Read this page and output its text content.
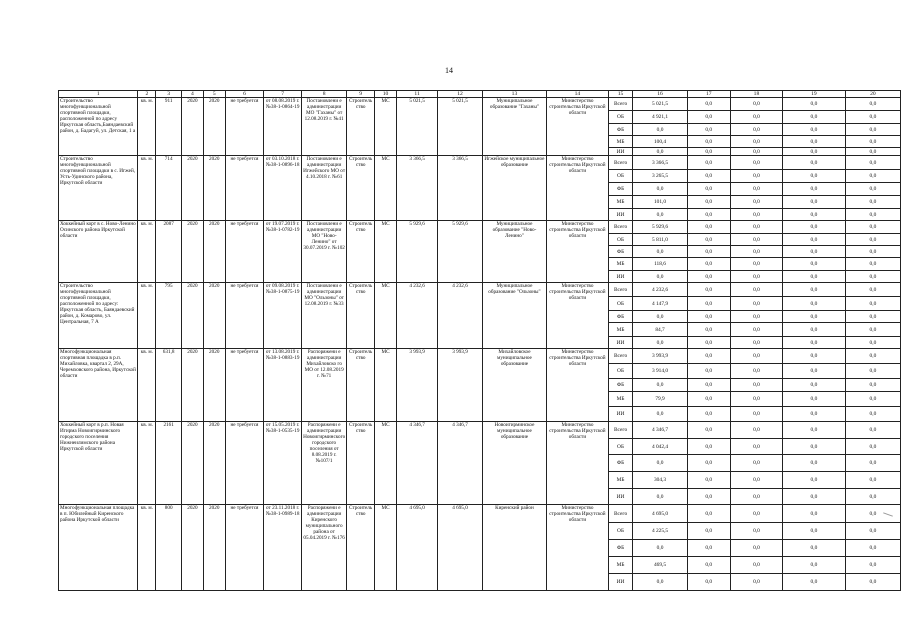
14
1	2	3	4	5	6	7	8	9	10	11	12	13	14	15	16	17	18	19	20
Строительство многофункциональной спортивной площадки, расположенной по адресу Иркутская область,Баяндаевский район, д. Бадагуй, ул. Детская, 1 а	кв. м.	911	2020	2020	не требуется	от 08.08.2019 г. №38-1-0864-19	Постановлени е администрации МО "Гаханы" от 12.08.2019 г. №41	Строитель ство	МС	5 021,5	5 021,5	Муниципальное образование "Гаханы"	Министерство строительства Иркутской области	Всего	5 021,5	0,0	0,0	0,0	0,0
														ОБ	4 921,1	0,0	0,0	0,0	0,0
														ФБ	0,0	0,0	0,0	0,0	0,0
														МБ	100,4	0,0	0,0	0,0	0,0
														ИИ	0,0	0,0	0,0	0,0	0,0
Строительство многофункциональной спортивной площадки в с. Игжей, Усть-Удинского района, Иркутской области	кв. м.	714	2020	2020	не требуется	от 03.10.2018 г. №38-1-0896-18	Постановлени е администрации Игжейского МО от 4.10.2018 г. №61	Строитель ство	МС	3 366,5	3 366,5	Игжейское муниципальное образование	Министерство строительства Иркутской области	Всего	3 366,5	0,0	0,0	0,0	0,0
														ОБ	3 265,5	0,0	0,0	0,0	0,0
														ФБ	0,0	0,0	0,0	0,0	0,0
														МБ	101,0	0,0	0,0	0,0	0,0
														ИИ	0,0	0,0	0,0	0,0	0,0
Хоккейный корт в с. Ново-Ленино Осинского района Иркутской области	кв. м.	2087	2020	2020	не требуется	от 19.07.2019 г. №38-1-0782-19	Постановлени е администрации МО "Ново-Ленино" от 30.07.2019 г. №102	Строитель ство	МС	5 929,6	5 929,6	Муниципальное образование "Ново-Ленино"	Министерство строительства Иркутской области	Всего	5 929,6	0,0	0,0	0,0	0,0
														ОБ	5 811,0	0,0	0,0	0,0	0,0
														ФБ	0,0	0,0	0,0	0,0	0,0
														МБ	118,6	0,0	0,0	0,0	0,0
														ИИ	0,0	0,0	0,0	0,0	0,0
Строительство многофункциональной спортивной площадки, расположенной по адресу: Иркутская область, Баяндаевский район, д. Комарово, ул. Центральная, 7 А	кв. м.	795	2020	2020	не требуется	от 09.08.2019 г. №38-1-0875-19	Постановлени е администрации МО "Ользоны" от 12.08.2019 г. №33	Строитель ство	МС	4 232,6	4 232,6	Муниципальное образование "Ользоны"	Министерство строительства Иркутской области	Всего	4 232,6	0,0	0,0	0,0	0,0
														ОБ	4 147,9	0,0	0,0	0,0	0,0
														ФБ	0,0	0,0	0,0	0,0	0,0
														МБ	84,7	0,0	0,0	0,0	0,0
														ИИ	0,0	0,0	0,0	0,0	0,0
Многофункциональная спортивная площадка в р.п. Михайловка, квартал 2, 29А, Черемховского района, Иркутской области	кв. м.	631,8	2020	2020	не требуется	от 13.08.2019 г. №38-1-0883-19	Распоряжени е администрации Михайловско го МО от 12.08.2019 г. №71	Строитель ство	МС	3 993,9	3 993,9	Михайловское муниципальное образование	Министерство строительства Иркутской области	Всего	3 993,9	0,0	0,0	0,0	0,0
														ОБ	3 914,0	0,0	0,0	0,0	0,0
														ФБ	0,0	0,0	0,0	0,0	0,0
														МБ	79,9	0,0	0,0	0,0	0,0
														ИИ	0,0	0,0	0,0	0,0	0,0
Хоккейный корт в р.п. Новая Игирма Новоигирминского городского поселения Нижнеилимского района Иркутской области	кв. м.	2161	2020	2020	не требуется	от 15.05.2019 г. №38-1-0535-19	Распоряжени е администрации Новоигирминского городского поселения от 8.08.2019 г. №107/1	Строитель ство	МС	4 346,7	4 346,7	Новоигирминское муниципальное образование	Министерство строительства Иркутской области	Всего	4 346,7	0,0	0,0	0,0	0,0
														ОБ	4 042,4	0,0	0,0	0,0	0,0
														ФБ	0,0	0,0	0,0	0,0	0,0
														МБ	304,3	0,0	0,0	0,0	0,0
														ИИ	0,0	0,0	0,0	0,0	0,0
Многофункциональная площадка в п. Юбилейный Киренского района Иркутской области	кв. м.	800	2020	2020	не требуется	от 23.11.2018 г. №38-1-0989-18	Распоряжени е администрации Киренского муниципального района от 05.04.2019 г. №176	Строитель ство	МС	4 695,0	4 695,0	Киренский район	Министерство строительства Иркутской области	Всего	4 695,0	0,0	0,0	0,0	0,0
														ОБ	4 225,5	0,0	0,0	0,0	0,0
														ФБ	0,0	0,0	0,0	0,0	0,0
														МБ	469,5	0,0	0,0	0,0	0,0
														ИИ	0,0	0,0	0,0	0,0	0,0
